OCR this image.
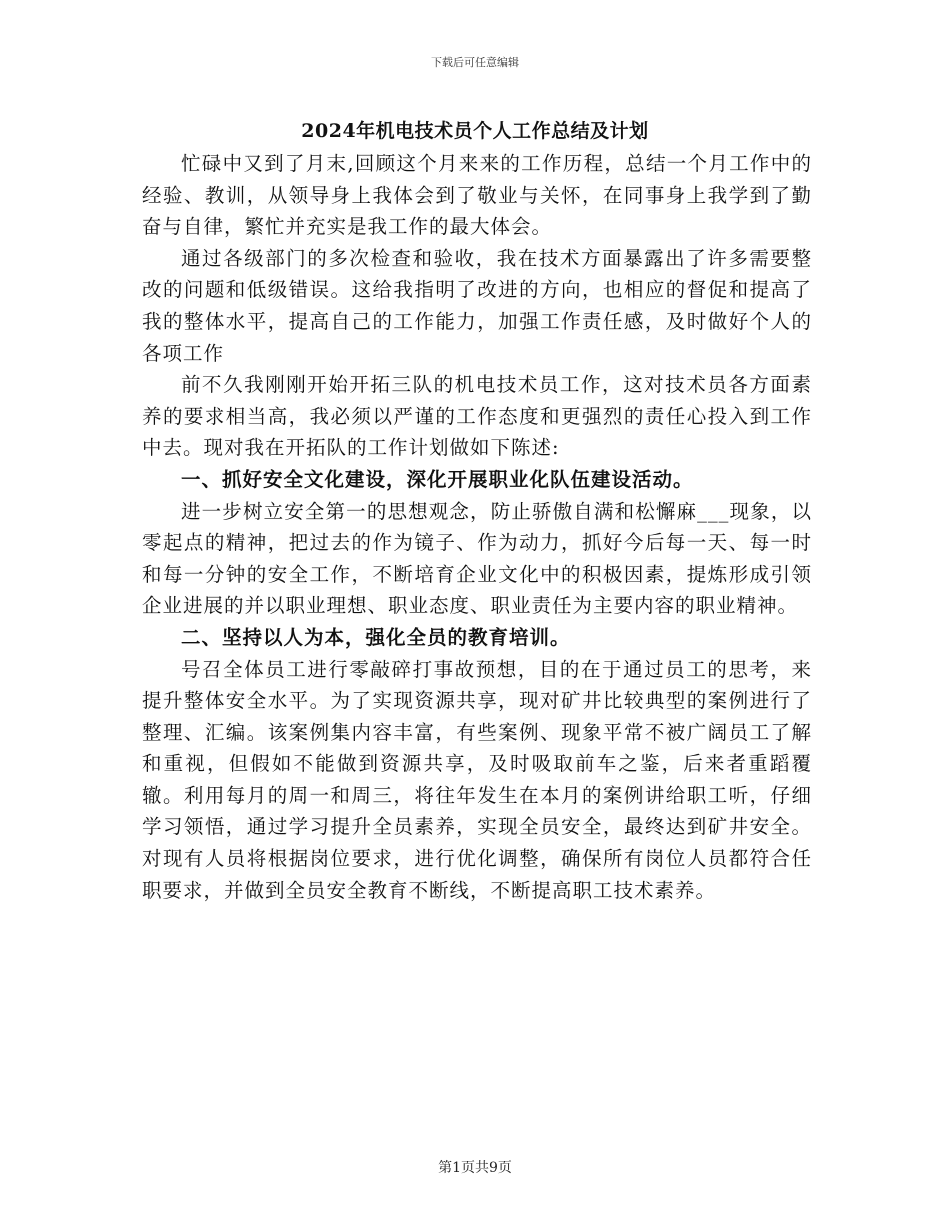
下载后可任意编辑
2024年机电技术员个人工作总结及计划

忙碌中又到了月末,回顾这个月来来的工作历程，总结一个月工作中的经验、教训，从领导身上我体会到了敬业与关怀，在同事身上我学到了勤奋与自律，繁忙并充实是我工作的最大体会。

通过各级部门的多次检查和验收，我在技术方面暴露出了许多需要整改的问题和低级错误。这给我指明了改进的方向，也相应的督促和提高了我的整体水平，提高自己的工作能力，加强工作责任感，及时做好个人的各项工作

前不久我刚刚开始开拓三队的机电技术员工作，这对技术员各方面素养的要求相当高，我必须以严谨的工作态度和更强烈的责任心投入到工作中去。现对我在开拓队的工作计划做如下陈述:

一、抓好安全文化建设，深化开展职业化队伍建设活动。

进一步树立安全第一的思想观念，防止骄傲自满和松懈麻___现象，以零起点的精神，把过去的作为镜子、作为动力，抓好今后每一天、每一时和每一分钟的安全工作，不断培育企业文化中的积极因素，提炼形成引领企业进展的并以职业理想、职业态度、职业责任为主要内容的职业精神。

二、坚持以人为本，强化全员的教育培训。

号召全体员工进行零敲碎打事故预想，目的在于通过员工的思考，来提升整体安全水平。为了实现资源共享，现对矿井比较典型的案例进行了整理、汇编。该案例集内容丰富，有些案例、现象平常不被广阔员工了解和重视，但假如不能做到资源共享，及时吸取前车之鉴，后来者重蹈覆辙。利用每月的周一和周三，将往年发生在本月的案例讲给职工听，仔细学习领悟，通过学习提升全员素养，实现全员安全，最终达到矿井安全。对现有人员将根据岗位要求，进行优化调整，确保所有岗位人员都符合任职要求，并做到全员安全教育不断线，不断提高职工技术素养。

第1页共9页
